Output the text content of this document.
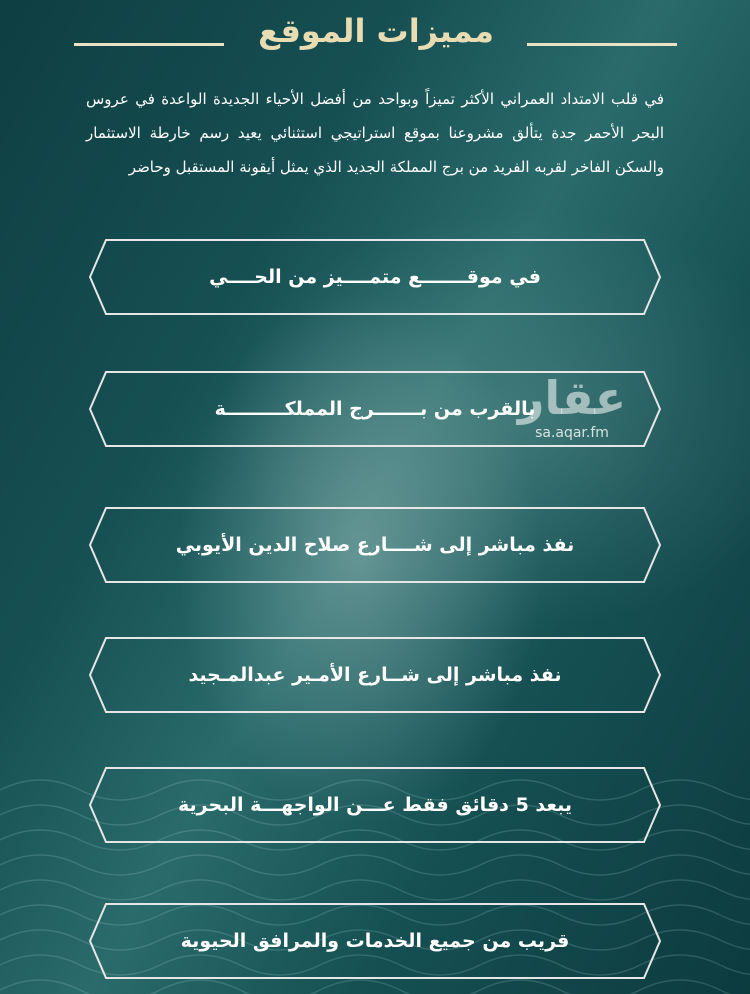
مميزات الموقع
في قلب الامتداد العمراني الأكثر تميزاً وبواحد من أفضل الأحياء الجديدة الواعدة في عروس البحر الأحمر جدة يتألق مشروعنا بموقع استراتيجي استثنائي يعيد رسم خارطة الاستثمار والسكن الفاخر لقربه الفريد من برج المملكة الجديد الذي يمثل أيقونة المستقبل وحاضر
في موقـــــــع متمــــيز من الحــــي
بالقرب من بـــــــرج المملكـــــــــة
عقار
sa.aqar.fm
نفذ مباشر إلى شــــارع صلاح الدين الأيوبي
نفذ مباشر إلى شــارع الأمـير عبدالمـجيد
يبعد 5 دقائق فقط عـــن الواجهـــة البحرية
قريب من جميع الخدمات والمرافق الحيوية
